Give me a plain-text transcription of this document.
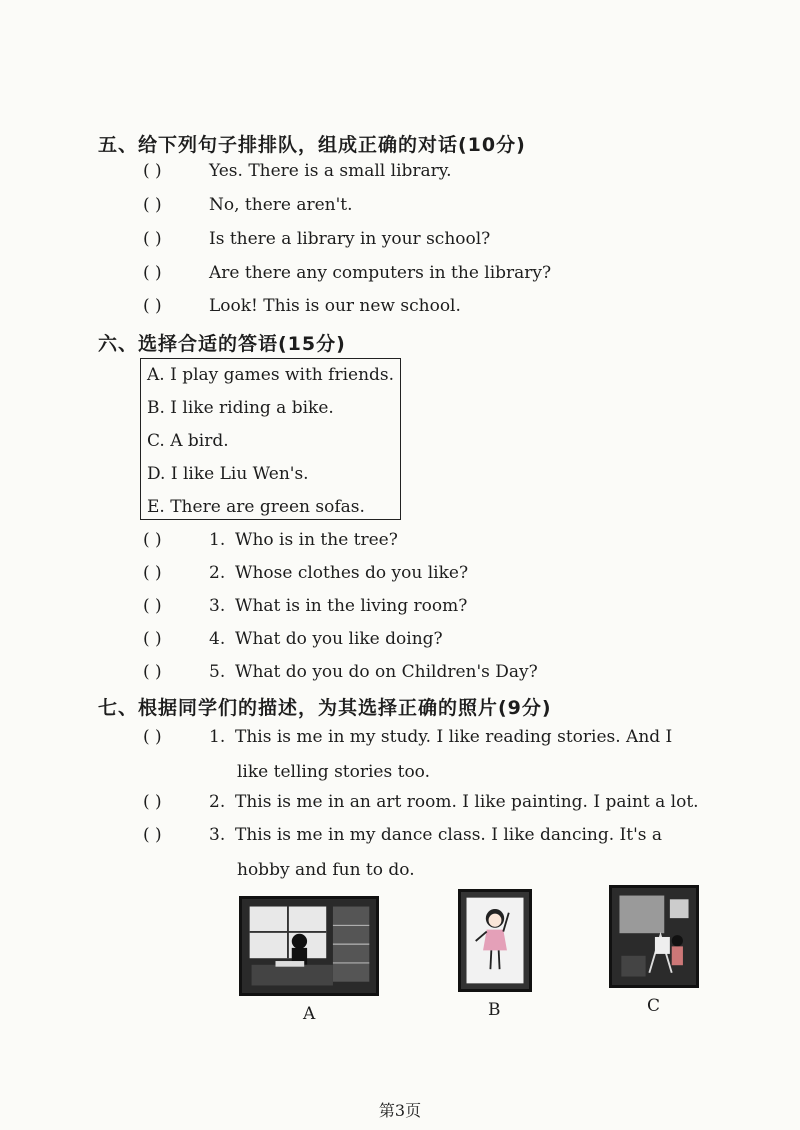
五、给下列句子排排队，组成正确的对话(10分)
( )	Yes. There is a small library.
( )	No, there aren't.
( )	Is there a library in your school?
( )	Are there any computers in the library?
( )	Look! This is our new school.
六、选择合适的答语(15分)
A. I play games with friends.
B. I like riding a bike.
C. A bird.
D. I like Liu Wen's.
E. There are green sofas.
( )	1. Who is in the tree?
( )	2. Whose clothes do you like?
( )	3. What is in the living room?
( )	4. What do you like doing?
( )	5. What do you do on Children's Day?
七、根据同学们的描述，为其选择正确的照片(9分)
( )	1. This is me in my study. I like reading stories. And I
like telling stories too.
( )	2. This is me in an art room. I like painting. I paint a lot.
( )	3. This is me in my dance class. I like dancing. It's a
hobby and fun to do.
A	B	C
第3页
